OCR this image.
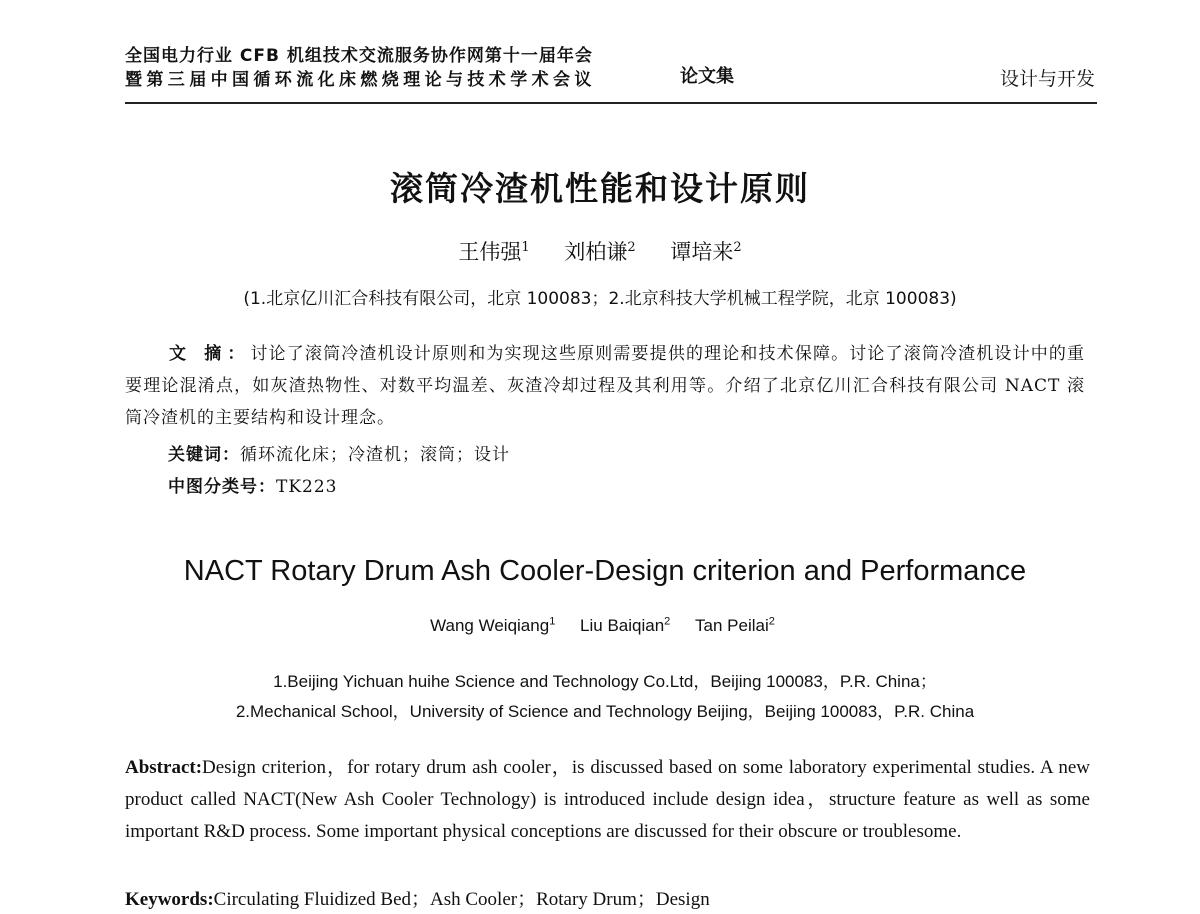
全国电力行业 CFB 机组技术交流服务协作网第十一届年会
暨第三届中国循环流化床燃烧理论与技术学术会议	论文集	设计与开发
滚筒冷渣机性能和设计原则
王伟强$^1$ 刘柏谦$^2$ 谭培来$^2$
(1.北京亿川汇合科技有限公司，北京 100083；2.北京科技大学机械工程学院，北京 100083)
文 摘：讨论了滚筒冷渣机设计原则和为实现这些原则需要提供的理论和技术保障。讨论了滚筒冷渣机设计中的重要理论混淆点，如灰渣热物性、对数平均温差、灰渣冷却过程及其利用等。介绍了北京亿川汇合科技有限公司 NACT 滚筒冷渣机的主要结构和设计理念。
关键词：循环流化床；冷渣机；滚筒；设计
中图分类号：TK223
NACT Rotary Drum Ash Cooler-Design criterion and Performance
Wang Weiqiang$^1$ Liu Baiqian$^2$ Tan Peilai$^2$
1.Beijing Yichuan huihe Science and Technology Co.Ltd，Beijing 100083，P.R. China；
2.Mechanical School，University of Science and Technology Beijing，Beijing 100083，P.R. China
Abstract:Design criterion，for rotary drum ash cooler，is discussed based on some laboratory experimental studies. A new product called NACT(New Ash Cooler Technology) is introduced include design idea，structure feature as well as some important R&D process. Some important physical conceptions are discussed for their obscure or troublesome.
Keywords:Circulating Fluidized Bed；Ash Cooler；Rotary Drum；Design
